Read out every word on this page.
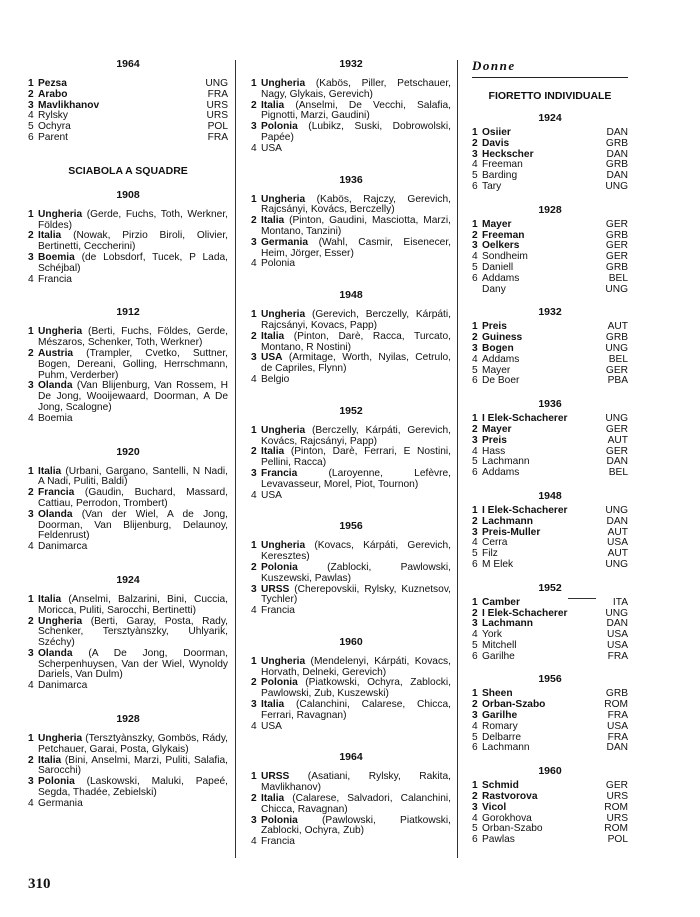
1964
1 Pezsa	UNG
2 Arabo	FRA
3 Mavlikhanov	URS
4 Rylsky	URS
5 Ochyra	POL
6 Parent	FRA
SCIABOLA A SQUADRE
1908
1 Ungheria (Gerde, Fuchs, Toth, Werkner, Földes)
2 Italia (Nowak, Pirzio Biroli, Olivier, Bertinetti, Ceccherini)
3 Boemia (de Lobsdorf, Tucek, P Lada, Schéjbal)
4 Francia
1912
1 Ungheria (Berti, Fuchs, Földes, Gerde, Mészaros, Schenker, Toth, Werkner)
2 Austria (Trampler, Cvetko, Suttner, Bogen, Dereani, Golling, Herrschmann, Puhm, Verderber)
3 Olanda (Van Blijenburg, Van Rossem, H De Jong, Wooijewaard, Doorman, A De Jong, Scalogne)
4 Boemia
1920
1 Italia (Urbani, Gargano, Santelli, N Nadi, A Nadi, Puliti, Baldi)
2 Francia (Gaudin, Buchard, Massard, Cattiau, Perrodon, Trombert)
3 Olanda (Van der Wiel, A de Jong, Doorman, Van Blijenburg, Delaunoy, Feldenrust)
4 Danimarca
1924
1 Italia (Anselmi, Balzarini, Bini, Cuccia, Moricca, Puliti, Sarocchi, Bertinetti)
2 Ungheria (Berti, Garay, Posta, Rady, Schenker, Tersztyànszky, Uhlyarik, Széchy)
3 Olanda (A De Jong, Doorman, Scherpenhuysen, Van der Wiel, Wynoldy Dariels, Van Dulm)
4 Danimarca
1928
1 Ungheria (Tersztyànszky, Gombös, Rády, Petchauer, Garai, Posta, Glykais)
2 Italia (Bini, Anselmi, Marzi, Puliti, Salafia, Sarocchi)
3 Polonia (Laskowski, Maluki, Papeé, Segda, Thadée, Zebielski)
4 Germania
1932
1 Ungheria (Kabös, Piller, Petschauer, Nagy, Glykais, Gerevich)
2 Italia (Anselmi, De Vecchi, Salafia, Pignotti, Marzi, Gaudini)
3 Polonia (Lubikz, Suski, Dobrowolski, Papée)
4 USA
1936
1 Ungheria (Kabös, Rajczy, Gerevich, Rajcsányi, Kovács, Berczelly)
2 Italia (Pinton, Gaudini, Masciotta, Marzi, Montano, Tanzini)
3 Germania (Wahl, Casmir, Eisenecer, Heim, Jörger, Esser)
4 Polonia
1948
1 Ungheria (Gerevich, Berczelly, Kárpáti, Rajcsányi, Kovacs, Papp)
2 Italia (Pinton, Darè, Racca, Turcato, Montano, R Nostini)
3 USA (Armitage, Worth, Nyilas, Cetrulo, de Capriles, Flynn)
4 Belgio
1952
1 Ungheria (Berczelly, Kárpáti, Gerevich, Kovács, Rajcsányi, Papp)
2 Italia (Pinton, Darè, Ferrari, E Nostini, Pellini, Racca)
3 Francia	(Laroyenne, Lefèvre, Levavasseur, Morel, Piot, Tournon)
4 USA
1956
1 Ungheria (Kovacs, Kárpáti, Gerevich, Keresztes)
2 Polonia	(Zablocki, Pawlowski, Kuszewski, Pawlas)
3 URSS (Cherepovskii, Rylsky, Kuznetsov, Tychler)
4 Francia
1960
1 Ungheria (Mendelenyi, Kárpáti, Kovacs, Horvath, Delneki, Gerevich)
2 Polonia (Piatkowski, Ochyra, Zablocki, Pawlowski, Zub, Kuszewski)
3 Italia (Calanchini, Calarese, Chicca, Ferrari, Ravagnan)
4 USA
1964
1 URSS (Asatiani, Rylsky, Rakita, Mavlikhanov)
2 Italia (Calarese, Salvadori, Calanchini, Chicca, Ravagnan)
3 Polonia (Pawlowski, Piatkowski, Zablocki, Ochyra, Zub)
4 Francia
Donne
FIORETTO INDIVIDUALE
1924
1 Osiier	DAN
2 Davis	GRB
3 Heckscher	DAN
4 Freeman	GRB
5 Barding	DAN
6 Tary	UNG
1928
1 Mayer	GER
2 Freeman	GRB
3 Oelkers	GER
4 Sondheim	GER
5 Daniell	GRB
6 Addams	BEL
Dany	UNG
1932
1 Preis	AUT
2 Guiness	GRB
3 Bogen	UNG
4 Addams	BEL
5 Mayer	GER
6 De Boer	PBA
1936
1 I Elek-Schacherer	UNG
2 Mayer	GER
3 Preis	AUT
4 Hass	GER
5 Lachmann	DAN
6 Addams	BEL
1948
1 I Elek-Schacherer	UNG
2 Lachmann	DAN
3 Preis-Muller	AUT
4 Cerra	USA
5 Filz	AUT
6 M Elek	UNG
1952
1 Camber	ITA
2 I Elek-Schacherer	UNG
3 Lachmann	DAN
4 York	USA
5 Mitchell	USA
6 Garilhe	FRA
1956
1 Sheen	GRB
2 Orban-Szabo	ROM
3 Garilhe	FRA
4 Romary	USA
5 Delbarre	FRA
6 Lachmann	DAN
1960
1 Schmid	GER
2 Rastvorova	URS
3 Vicol	ROM
4 Gorokhova	URS
5 Orban-Szabo	ROM
6 Pawlas	POL
310
